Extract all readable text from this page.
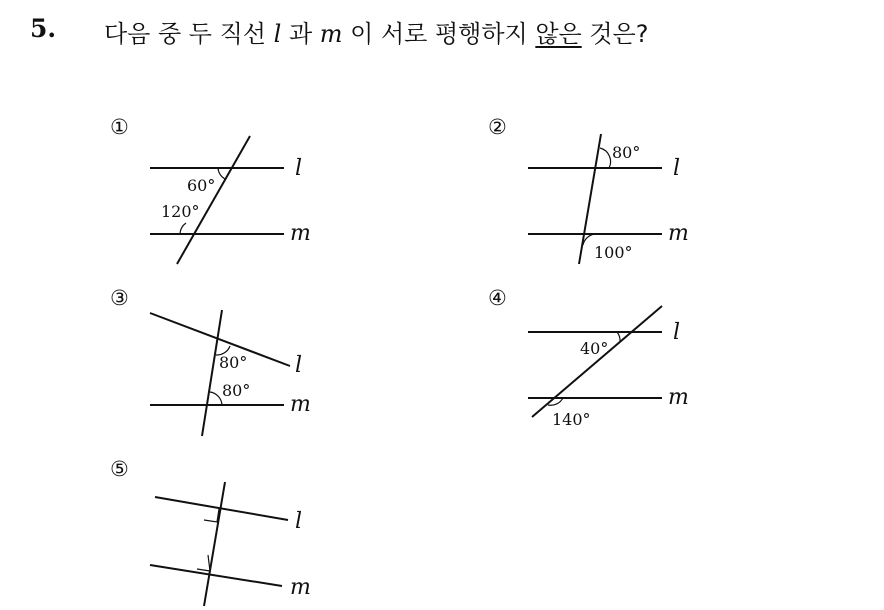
5. 다음 중 두 직선 l 과 m 이 서로 평행하지 않은 것은?
①
60°
120°
l
m
②
80°
100°
l
m
③
80°
80°
l
m
④
40°
140°
l
m
⑤
l
m
